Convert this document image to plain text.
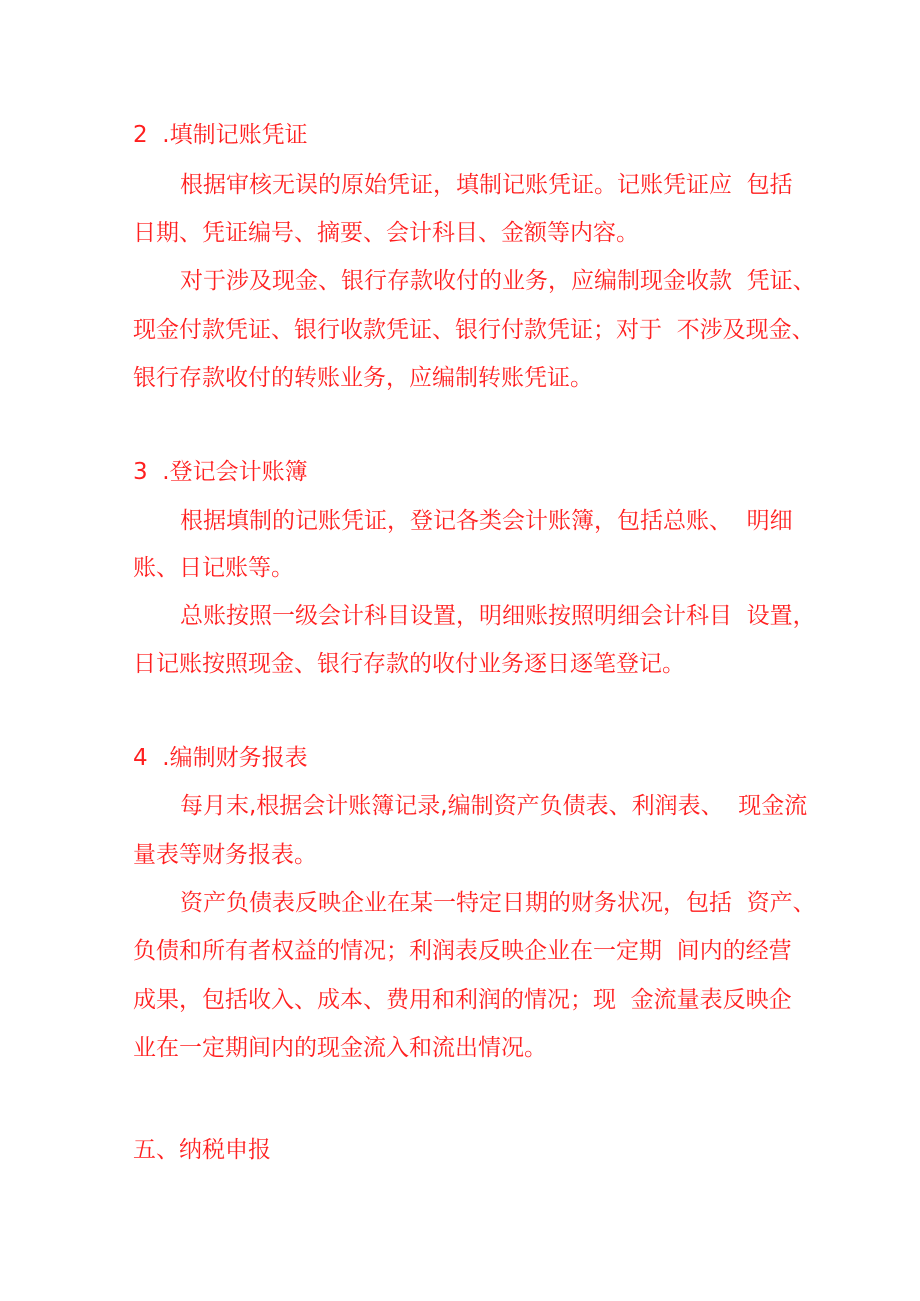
2  .填制记账凭证

根据审核无误的原始凭证，填制记账凭证。记账凭证应  包括

日期、凭证编号、摘要、会计科目、金额等内容。

对于涉及现金、银行存款收付的业务，应编制现金收款  凭证、

现金付款凭证、银行收款凭证、银行付款凭证；对于  不涉及现金、

银行存款收付的转账业务，应编制转账凭证。

3  .登记会计账簿

根据填制的记账凭证，登记各类会计账簿，包括总账、  明细

账、日记账等。

总账按照一级会计科目设置，明细账按照明细会计科目  设置，

日记账按照现金、银行存款的收付业务逐日逐笔登记。

4  .编制财务报表

每月末,根据会计账簿记录,编制资产负债表、利润表、  现金流

量表等财务报表。

资产负债表反映企业在某一特定日期的财务状况，包括  资产、

负债和所有者权益的情况；利润表反映企业在一定期  间内的经营

成果，包括收入、成本、费用和利润的情况；现  金流量表反映企

业在一定期间内的现金流入和流出情况。

五、纳税申报
